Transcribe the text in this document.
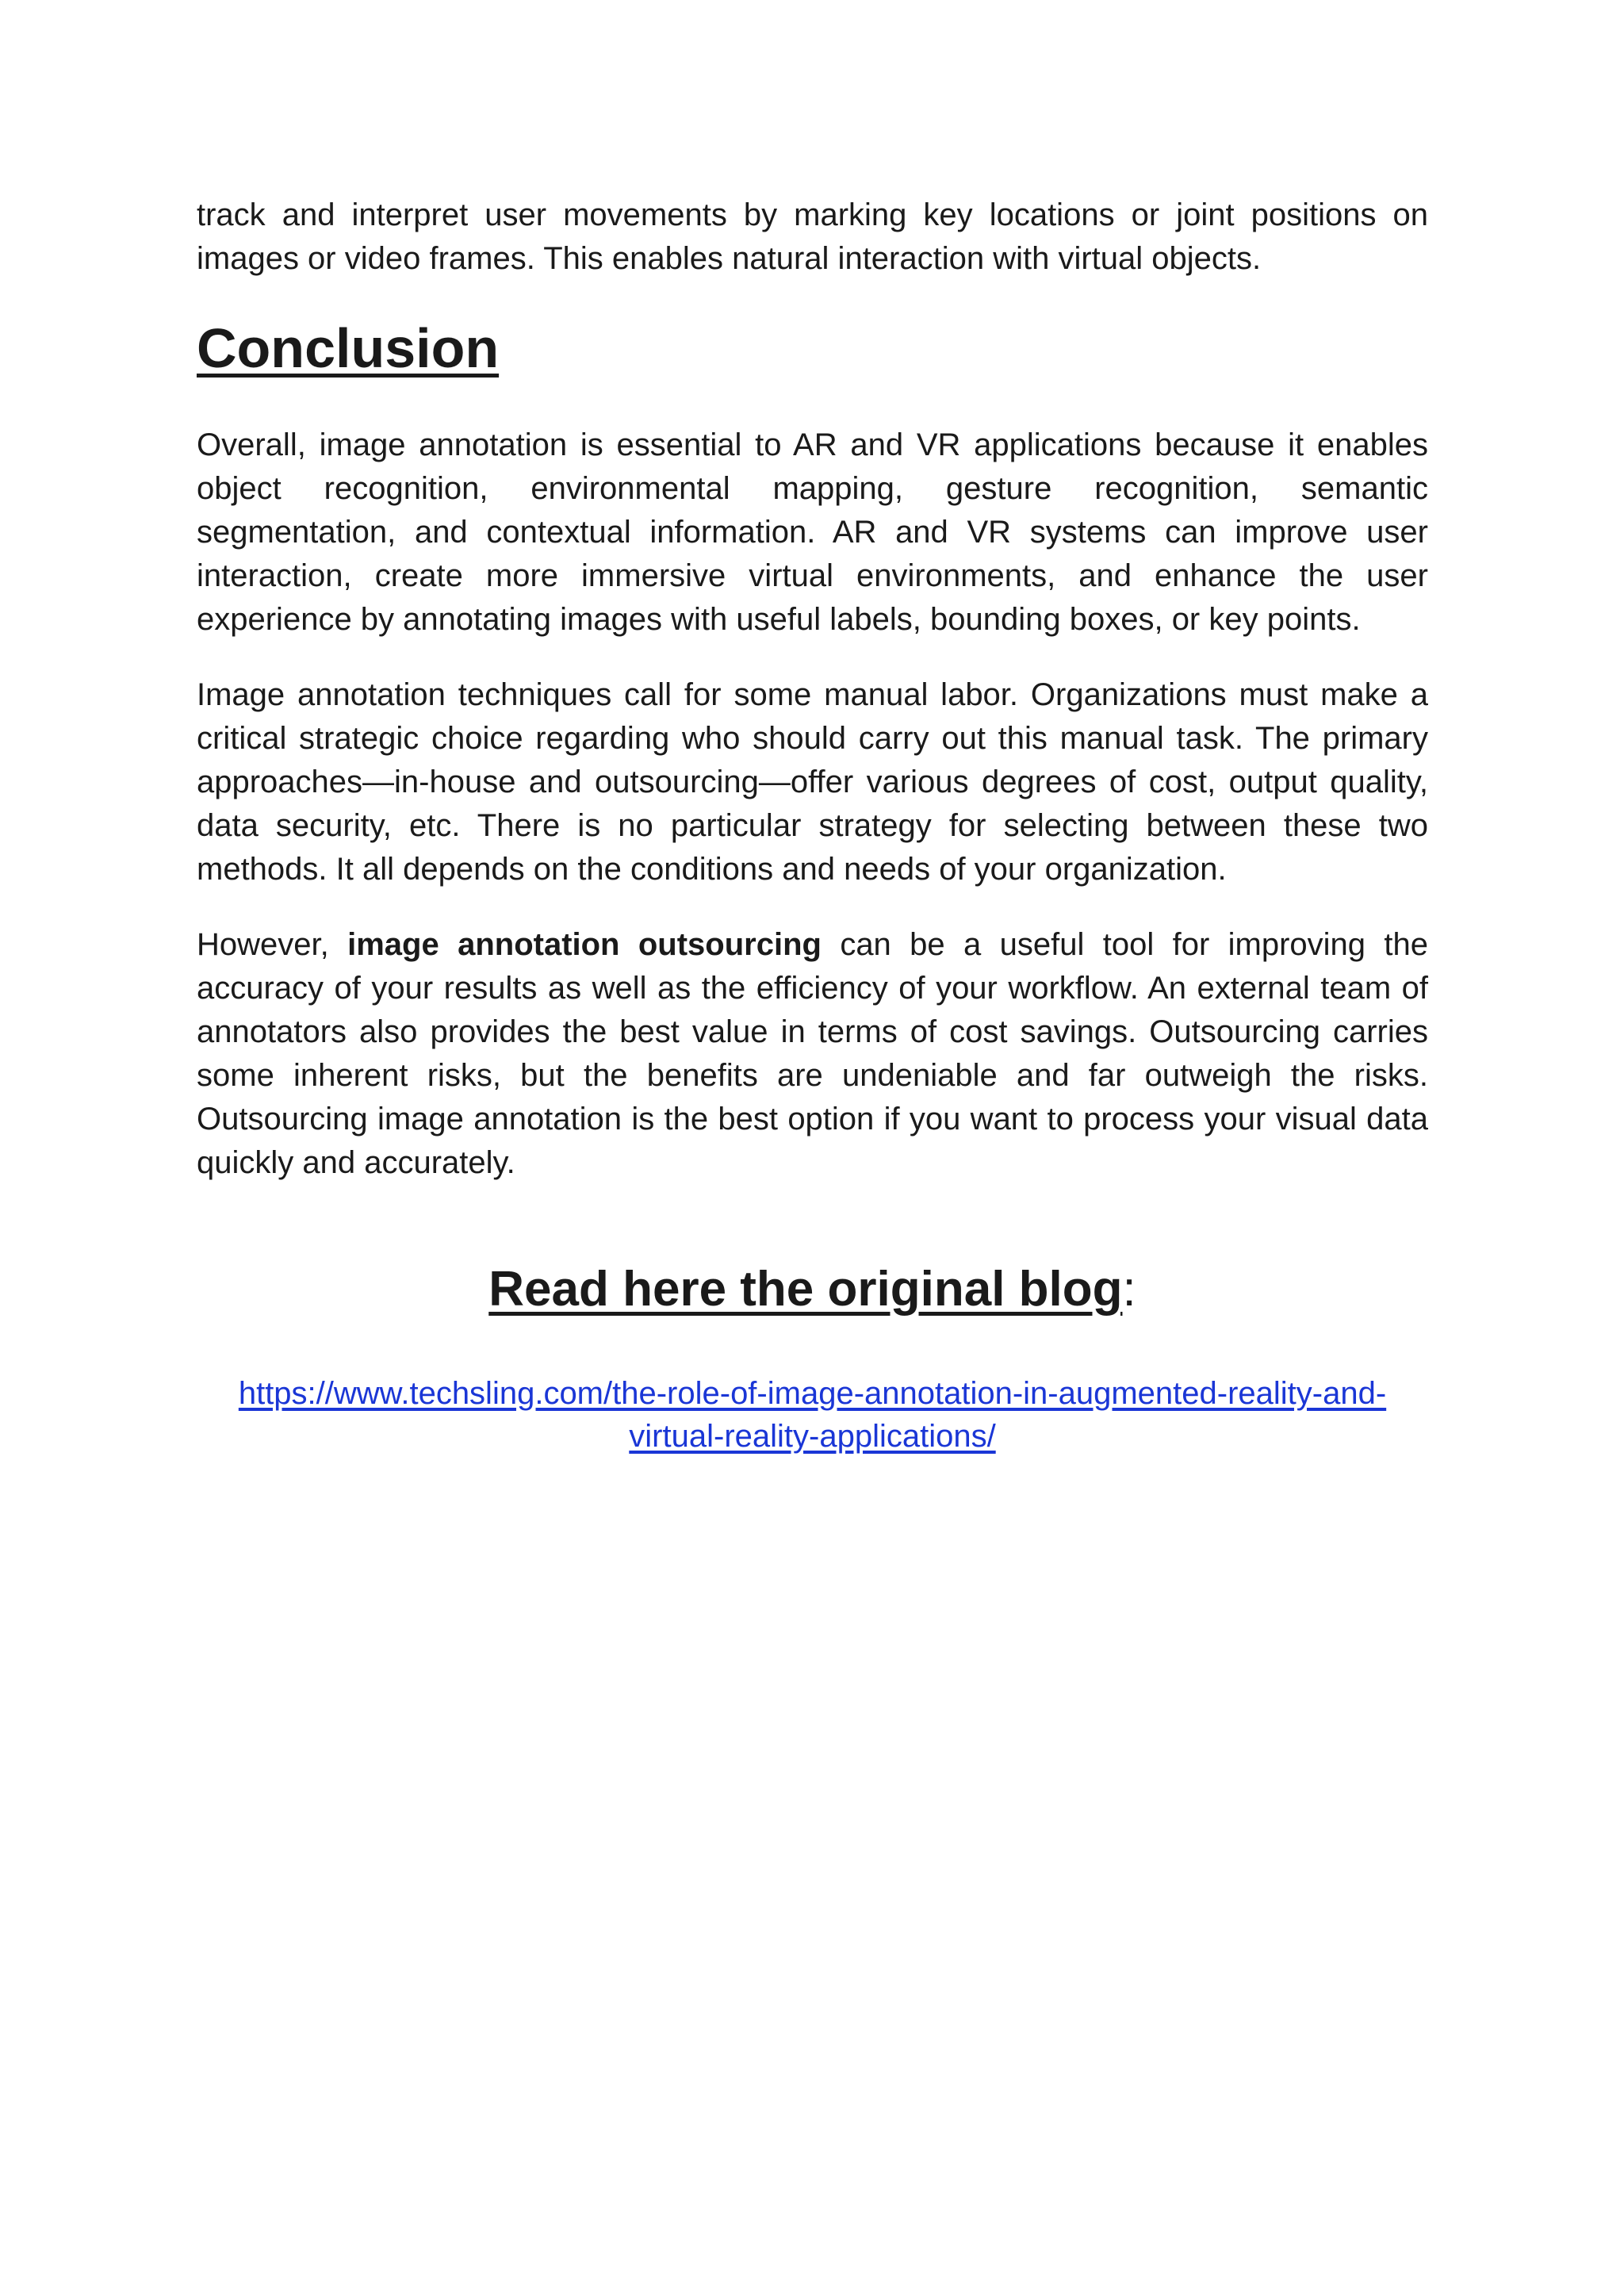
track and interpret user movements by marking key locations or joint positions on images or video frames. This enables natural interaction with virtual objects.

Conclusion

Overall, image annotation is essential to AR and VR applications because it enables object recognition, environmental mapping, gesture recognition, semantic segmentation, and contextual information. AR and VR systems can improve user interaction, create more immersive virtual environments, and enhance the user experience by annotating images with useful labels, bounding boxes, or key points.

Image annotation techniques call for some manual labor. Organizations must make a critical strategic choice regarding who should carry out this manual task. The primary approaches—in-house and outsourcing—offer various degrees of cost, output quality, data security, etc. There is no particular strategy for selecting between these two methods. It all depends on the conditions and needs of your organization.

However, image annotation outsourcing can be a useful tool for improving the accuracy of your results as well as the efficiency of your workflow. An external team of annotators also provides the best value in terms of cost savings. Outsourcing carries some inherent risks, but the benefits are undeniable and far outweigh the risks. Outsourcing image annotation is the best option if you want to process your visual data quickly and accurately.

Read here the original blog:

https://www.techsling.com/the-role-of-image-annotation-in-augmented-reality-and-
virtual-reality-applications/
